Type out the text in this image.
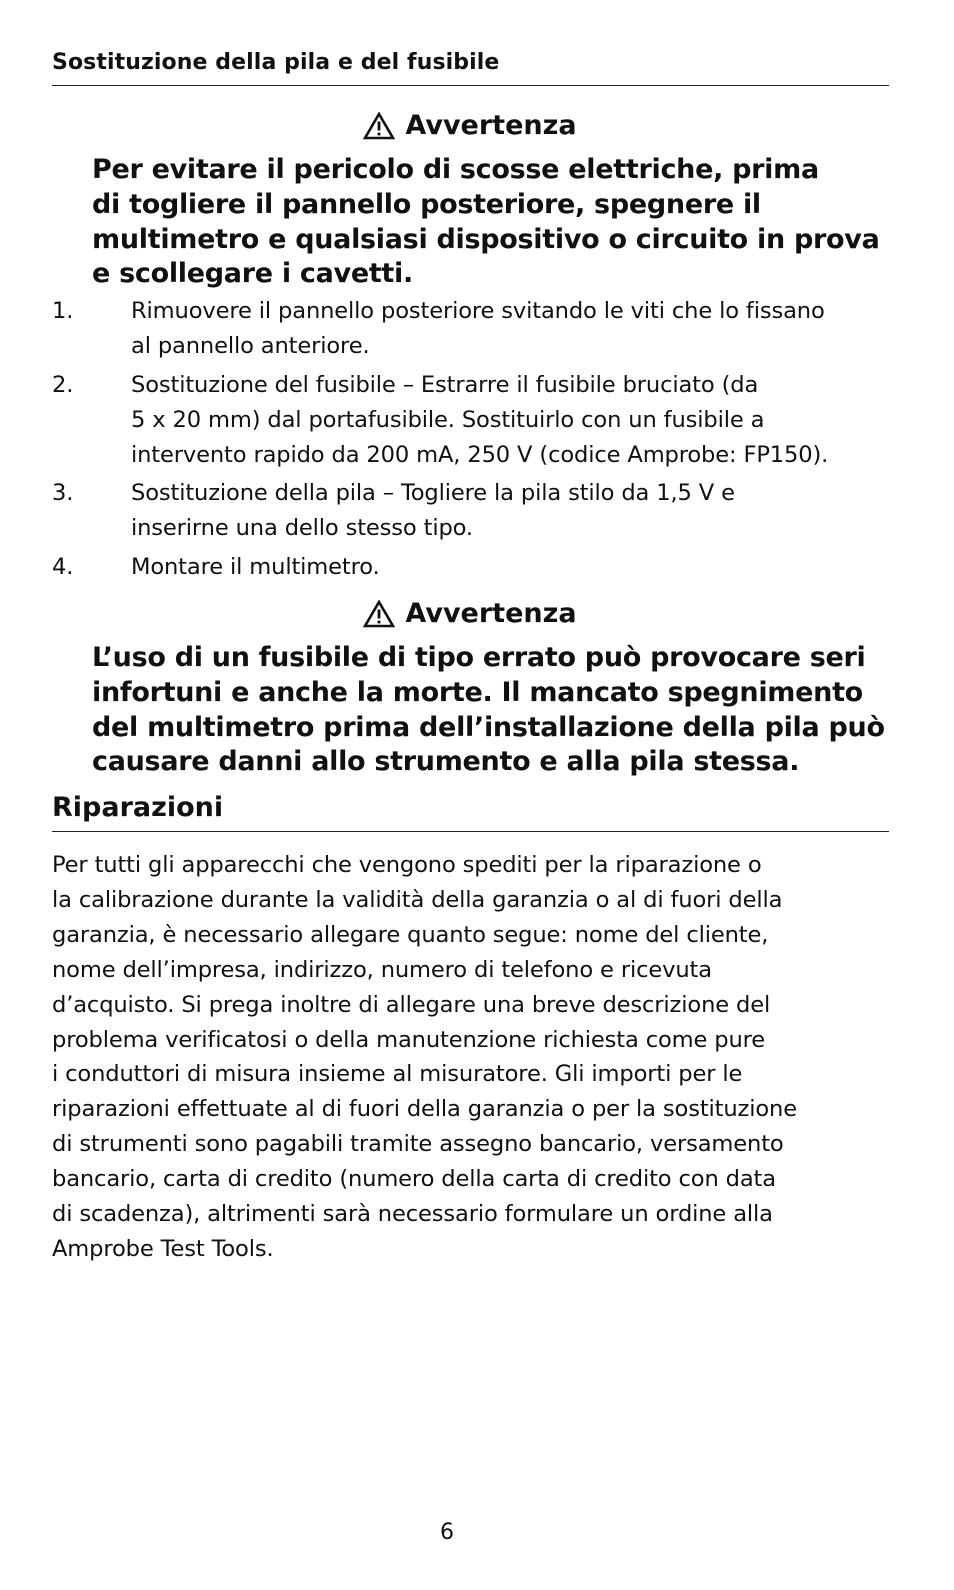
Sostituzione della pila e del fusibile
Avvertenza
Per evitare il pericolo di scosse elettriche, prima
di togliere il pannello posteriore, spegnere il
multimetro e qualsiasi dispositivo o circuito in prova
e scollegare i cavetti.
1.	Rimuovere il pannello posteriore svitando le viti che lo fissano
al pannello anteriore.
2.	Sostituzione del fusibile – Estrarre il fusibile bruciato (da
5 x 20 mm) dal portafusibile. Sostituirlo con un fusibile a
intervento rapido da 200 mA, 250 V (codice Amprobe: FP150).
3.	Sostituzione della pila – Togliere la pila stilo da 1,5 V e
inserirne una dello stesso tipo.
4.	Montare il multimetro.
Avvertenza
L’uso di un fusibile di tipo errato può provocare seri
infortuni e anche la morte. Il mancato spegnimento
del multimetro prima dell’installazione della pila può
causare danni allo strumento e alla pila stessa.
Riparazioni

Per tutti gli apparecchi che vengono spediti per la riparazione o
la calibrazione durante la validità della garanzia o al di fuori della
garanzia, è necessario allegare quanto segue: nome del cliente,
nome dell’impresa, indirizzo, numero di telefono e ricevuta
d’acquisto. Si prega inoltre di allegare una breve descrizione del
problema verificatosi o della manutenzione richiesta come pure
i conduttori di misura insieme al misuratore. Gli importi per le
riparazioni effettuate al di fuori della garanzia o per la sostituzione
di strumenti sono pagabili tramite assegno bancario, versamento
bancario, carta di credito (numero della carta di credito con data
di scadenza), altrimenti sarà necessario formulare un ordine alla
Amprobe Test Tools.

6
